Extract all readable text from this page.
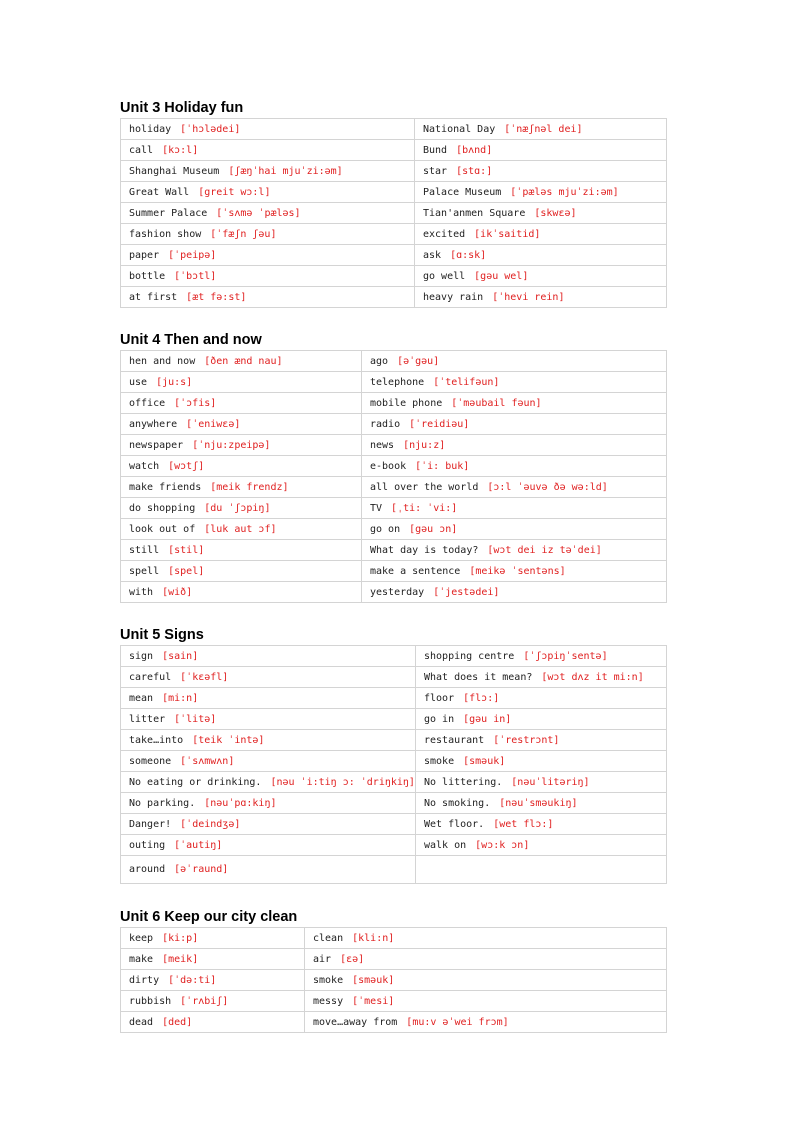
Unit 3 Holiday fun
holiday [ˈhɔlədei]	National Day [ˈnæʃnəl dei]
call [kɔ:l]	Bund [bʌnd]
Shanghai Museum [ʃæŋˈhai mjuˈzi:əm]	star [stɑ:]
Great Wall [greit wɔ:l]	Palace Museum [ˈpæləs mjuˈzi:əm]
Summer Palace [ˈsʌmə ˈpæləs]	Tian'anmen Square [skwɛə]
fashion show [ˈfæʃn ʃəu]	excited [ikˈsaitid]
paper [ˈpeipə]	ask [ɑ:sk]
bottle [ˈbɔtl]	go well [gəu wel]
at first [æt fə:st]	heavy rain [ˈhevi rein]
Unit 4 Then and now
hen and now [ðen ænd nau]	ago [əˈgəu]
use [ju:s]	telephone [ˈtelifəun]
office [ˈɔfis]	mobile phone [ˈməubail fəun]
anywhere [ˈeniwɛə]	radio [ˈreidiəu]
newspaper [ˈnju:zpeipə]	news [nju:z]
watch [wɔtʃ]	e-book [ˈi: buk]
make friends [meik frendz]	all over the world [ɔ:l ˈəuvə ðə wə:ld]
do shopping [du ˈʃɔpiŋ]	TV [ˌti: ˈvi:]
look out of [luk aut ɔf]	go on [gəu ɔn]
still [stil]	What day is today? [wɔt dei iz təˈdei]
spell [spel]	make a sentence [meikə ˈsentəns]
with [wið]	yesterday [ˈjestədei]
Unit 5 Signs
sign [sain]	shopping centre [ˈʃɔpiŋˈsentə]
careful [ˈkɛəfl]	What does it mean? [wɔt dʌz it mi:n]
mean [mi:n]	floor [flɔ:]
litter [ˈlitə]	go in [gəu in]
take…into [teik ˈintə]	restaurant [ˈrestrɔnt]
someone [ˈsʌmwʌn]	smoke [sməuk]
No eating or drinking. [nəu ˈi:tiŋ ɔ: ˈdriŋkiŋ]	No littering. [nəuˈlitəriŋ]
No parking. [nəuˈpɑ:kiŋ]	No smoking. [nəuˈsməukiŋ]
Danger! [ˈdeindʒə]	Wet floor. [wet flɔ:]
outing [ˈautiŋ]	walk on [wɔ:k ɔn]
around [əˈraund]	
Unit 6 Keep our city clean
keep [ki:p]	clean [kli:n]
make [meik]	air [ɛə]
dirty [ˈdə:ti]	smoke [sməuk]
rubbish [ˈrʌbiʃ]	messy [ˈmesi]
dead [ded]	move…away from [mu:v əˈwei frɔm]
